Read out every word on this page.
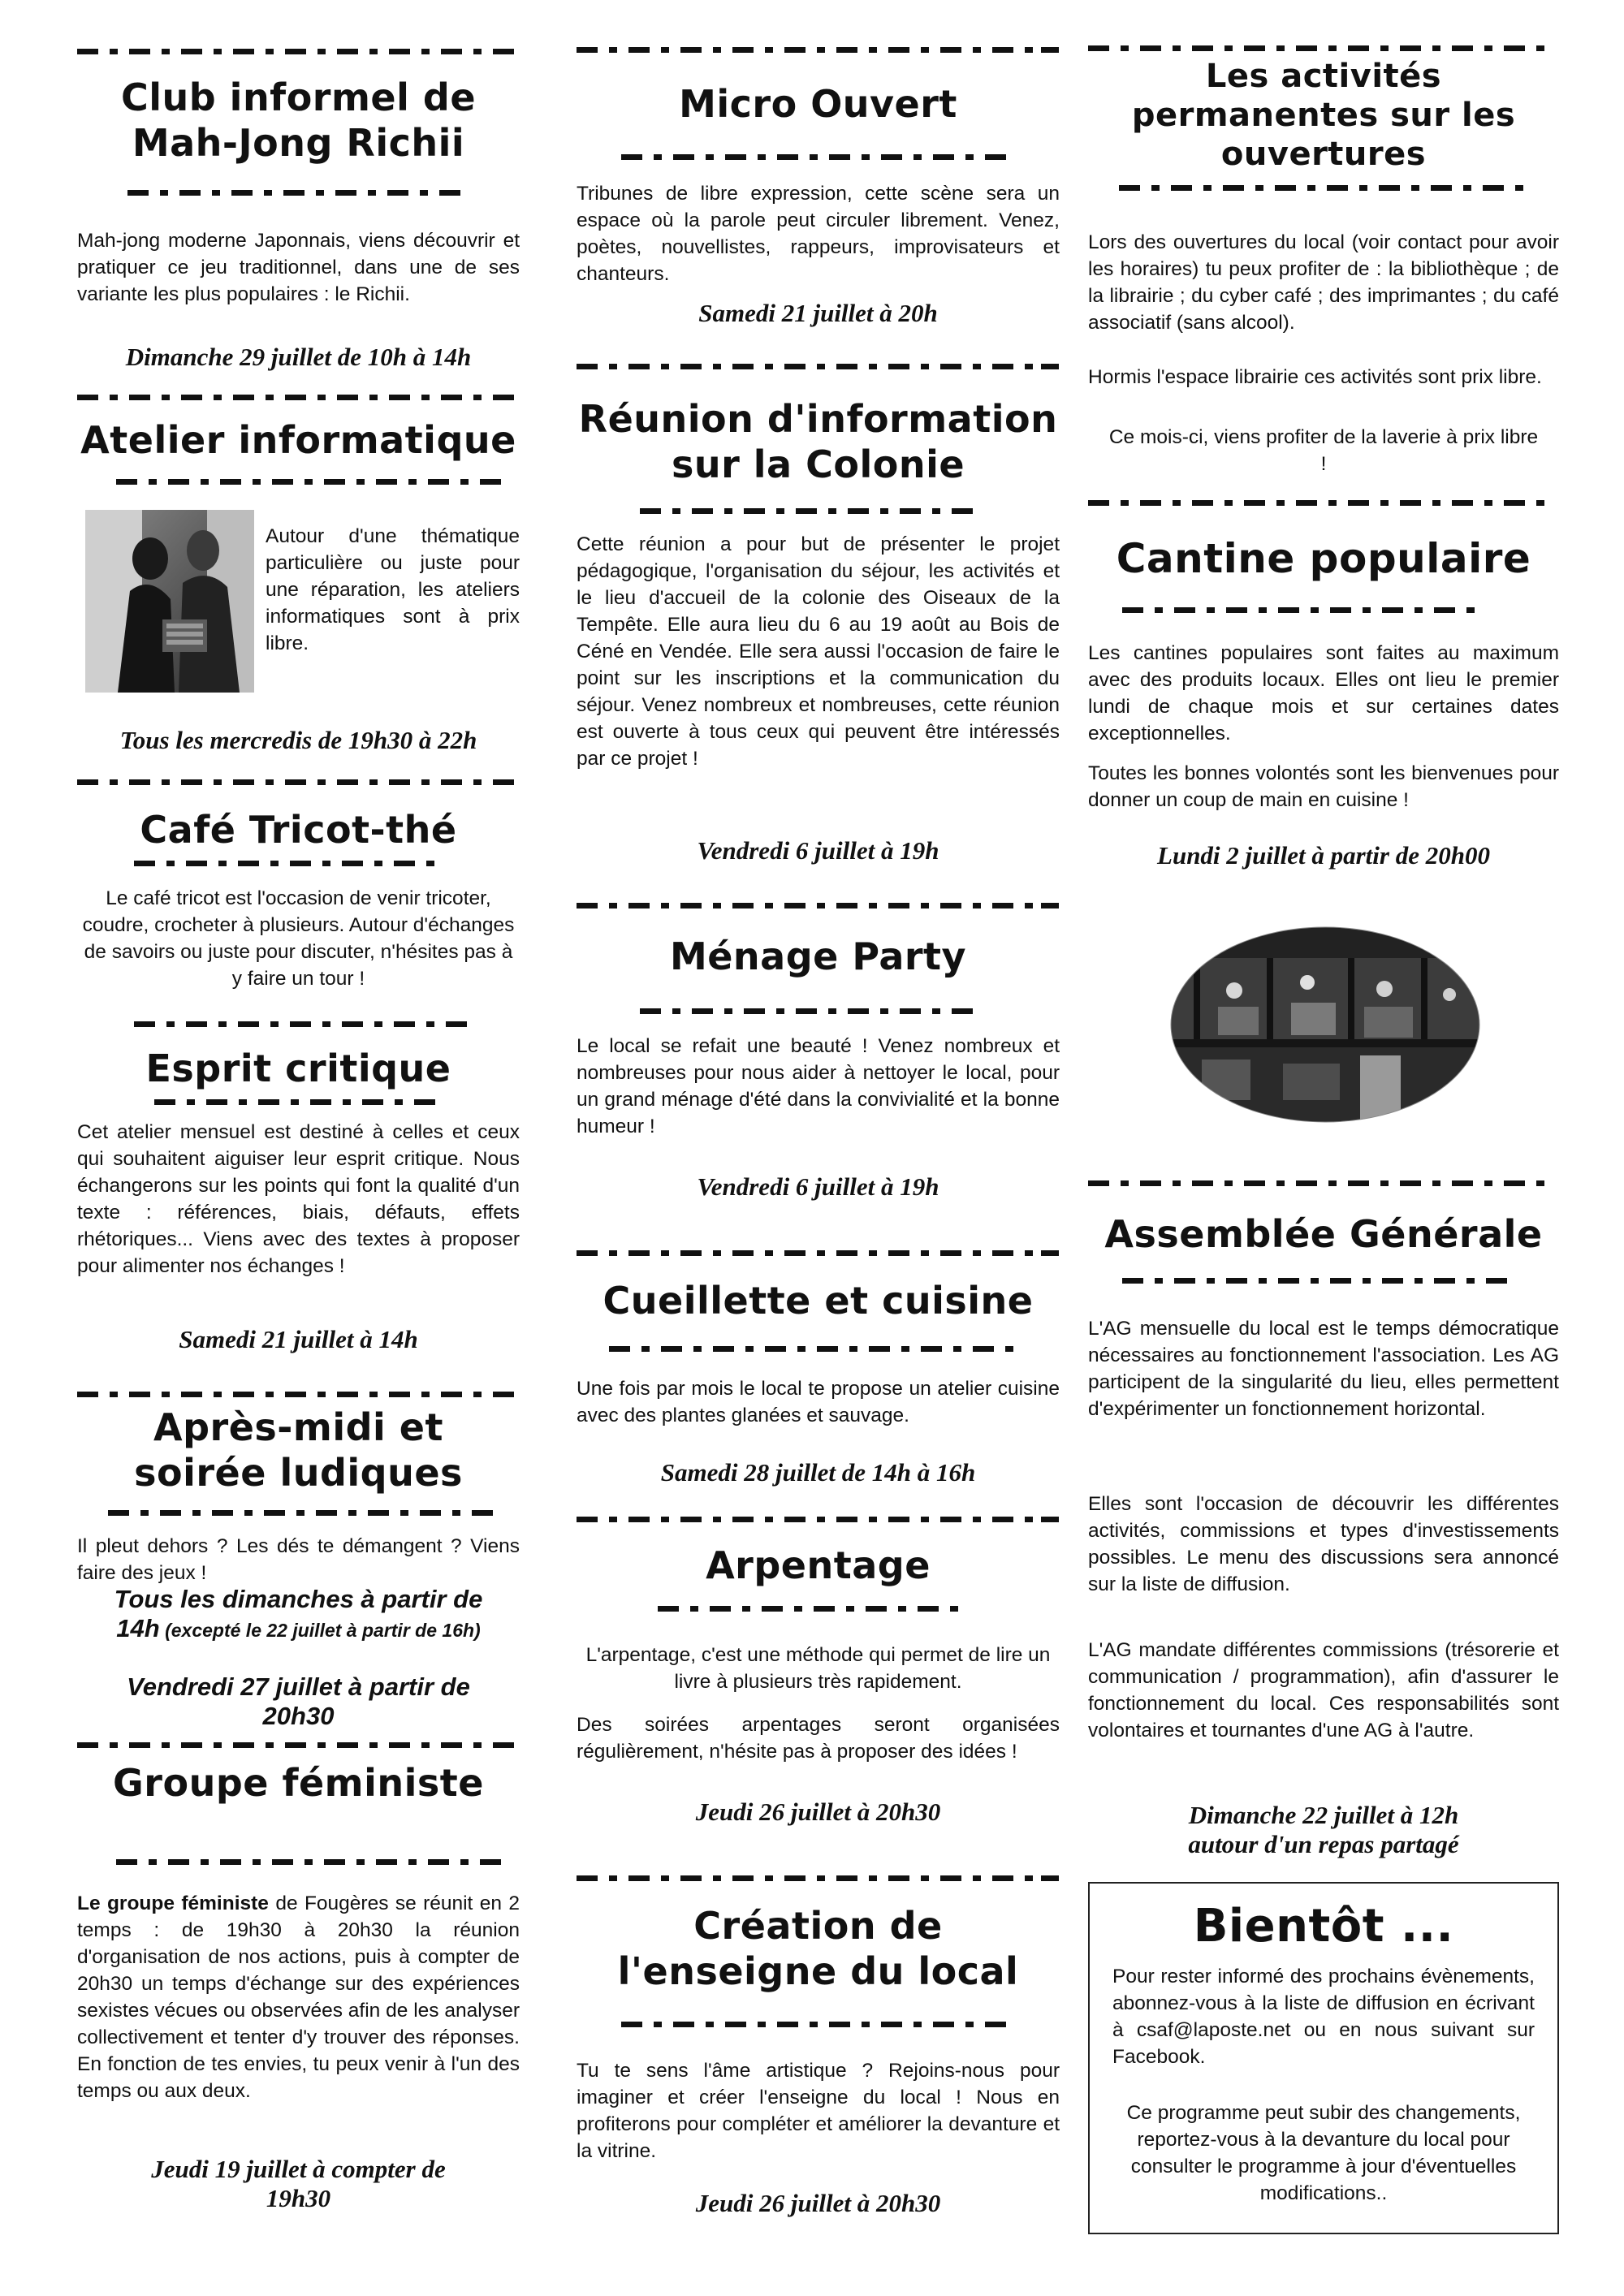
Club informel de
Mah-Jong Richii

Mah-jong moderne Japonnais, viens découvrir et pratiquer ce jeu traditionnel, dans une de ses variante les plus populaires : le Richii.

Dimanche 29 juillet de 10h à 14h

Atelier informatique

Autour d'une thématique particulière ou juste pour une réparation, les ateliers informatiques sont à prix libre.

Tous les mercredis de 19h30 à 22h

Café Tricot-thé

Le café tricot est l'occasion de venir tricoter, coudre, crocheter à plusieurs. Autour d'échanges de savoirs ou juste pour discuter, n'hésites pas à y faire un tour !

Esprit critique

Cet atelier mensuel est destiné à celles et ceux qui souhaitent aiguiser leur esprit critique. Nous échangerons sur les points qui font la qualité d'un texte : références, biais, défauts, effets rhétoriques... Viens avec des textes à proposer pour alimenter nos échanges !

Samedi 21 juillet à 14h

Après-midi et
soirée ludiques

Il pleut dehors ? Les dés te démangent ? Viens faire des jeux !

Tous les dimanches à partir de
14h (excepté le 22 juillet à partir de 16h)

Vendredi 27 juillet à partir de
20h30

Groupe féministe

Le groupe féministe de Fougères se réunit en 2 temps : de 19h30 à 20h30 la réunion d'organisation de nos actions, puis à compter de 20h30 un temps d'échange sur des expériences sexistes vécues ou observées afin de les analyser collectivement et tenter d'y trouver des réponses. En fonction de tes envies, tu peux venir à l'un des temps ou aux deux.

Jeudi 19 juillet à compter de
19h30

Micro Ouvert

Tribunes de libre expression, cette scène sera un espace où la parole peut circuler librement. Venez, poètes, nouvellistes, rappeurs, improvisateurs et chanteurs.

Samedi 21 juillet à 20h

Réunion d'information
sur la Colonie

Cette réunion a pour but de présenter le projet pédagogique, l'organisation du séjour, les activités et le lieu d'accueil de la colonie des Oiseaux de la Tempête. Elle aura lieu du 6 au 19 août au Bois de Céné en Vendée. Elle sera aussi l'occasion de faire le point sur les inscriptions et la communication du séjour. Venez nombreux et nombreuses, cette réunion est ouverte à tous ceux qui peuvent être intéressés par ce projet !

Vendredi 6 juillet à 19h

Ménage Party

Le local se refait une beauté ! Venez nombreux et nombreuses pour nous aider à nettoyer le local, pour un grand ménage d'été dans la convivialité et la bonne humeur !

Vendredi 6 juillet à 19h

Cueillette et cuisine

Une fois par mois le local te propose un atelier cuisine avec des plantes glanées et sauvage.

Samedi 28 juillet de 14h à 16h

Arpentage

L'arpentage, c'est une méthode qui permet de lire un livre à plusieurs très rapidement.

Des soirées arpentages seront organisées régulièrement, n'hésite pas à proposer des idées !

Jeudi 26 juillet à 20h30

Création de
l'enseigne du local

Tu te sens l'âme artistique ? Rejoins-nous pour imaginer et créer l'enseigne du local ! Nous en profiterons pour compléter et améliorer la devanture et la vitrine.

Jeudi 26 juillet à 20h30

Les activités
permanentes sur les
ouvertures

Lors des ouvertures du local (voir contact pour avoir les horaires) tu peux profiter de : la bibliothèque ; de la librairie ; du cyber café ; des imprimantes ; du café associatif (sans alcool).

Hormis l'espace librairie ces activités sont prix libre.

Ce mois-ci, viens profiter de la laverie à prix libre !

Cantine populaire

Les cantines populaires sont faites au maximum avec des produits locaux. Elles ont lieu le premier lundi de chaque mois et sur certaines dates exceptionnelles.

Toutes les bonnes volontés sont les bienvenues pour donner un coup de main en cuisine !

Lundi 2 juillet à partir de 20h00

Assemblée Générale

L'AG mensuelle du local est le temps démocratique nécessaires au fonctionnement l'association. Les AG participent de la singularité du lieu, elles permettent d'expérimenter un fonctionnement horizontal.

Elles sont l'occasion de découvrir les différentes activités, commissions et types d'investissements possibles. Le menu des discussions sera annoncé sur la liste de diffusion.

L'AG mandate différentes commissions (trésorerie et communication / programmation), afin d'assurer le fonctionnement du local. Ces responsabilités sont volontaires et tournantes d'une AG à l'autre.

Dimanche 22 juillet à 12h
autour d'un repas partagé

Bientôt ...

Pour rester informé des prochains évènements, abonnez-vous à la liste de diffusion en écrivant à csaf@laposte.net ou en nous suivant sur Facebook.

Ce programme peut subir des changements, reportez-vous à la devanture du local pour consulter le programme à jour d'éventuelles modifications..
